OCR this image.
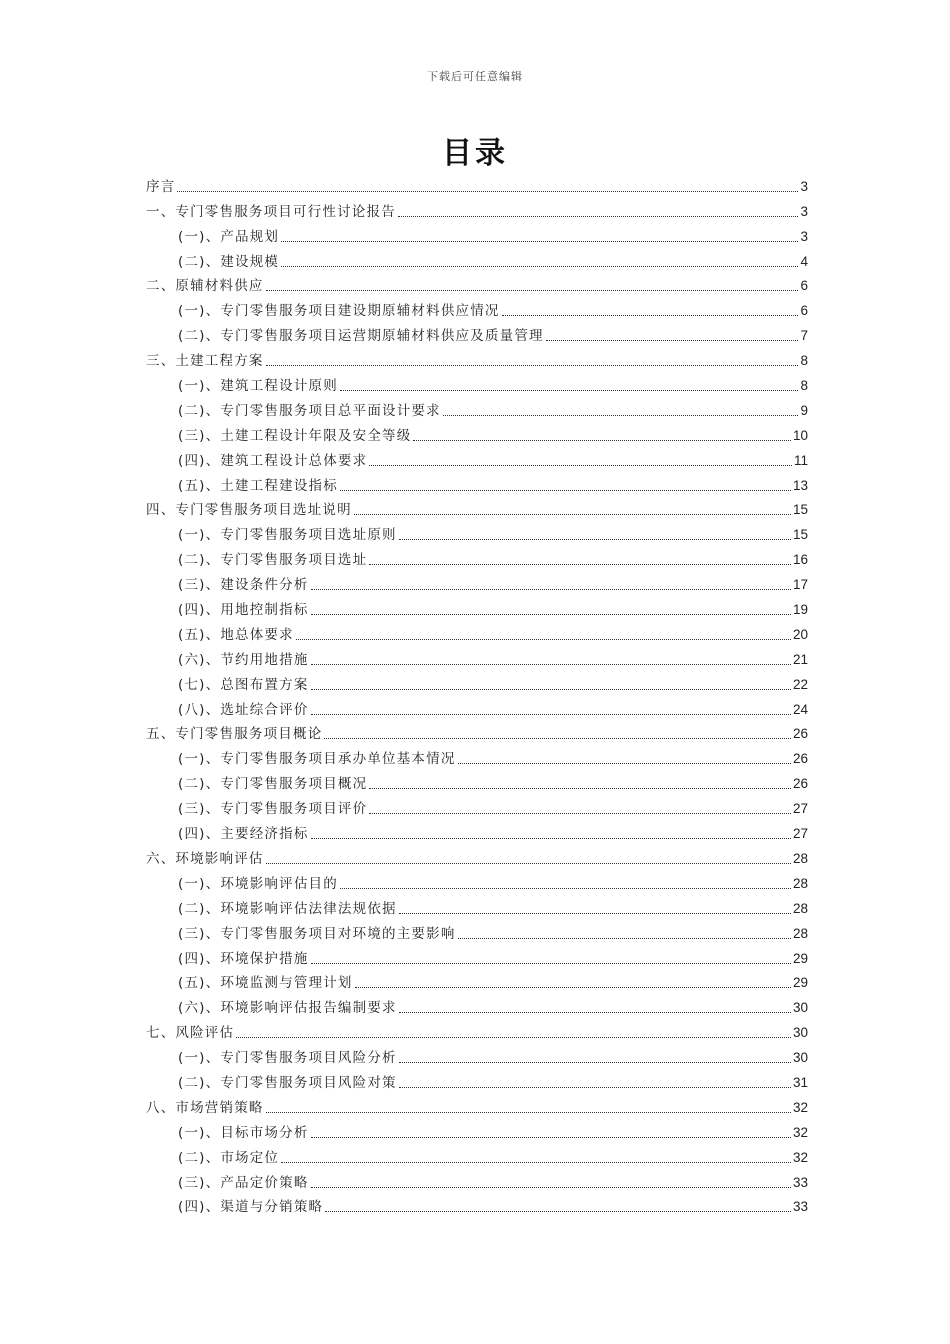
下载后可任意编辑
目录
序言	3
一、专门零售服务项目可行性讨论报告	3
(一)、产品规划	3
(二)、建设规模	4
二、原辅材料供应	6
(一)、专门零售服务项目建设期原辅材料供应情况	6
(二)、专门零售服务项目运营期原辅材料供应及质量管理	7
三、土建工程方案	8
(一)、建筑工程设计原则	8
(二)、专门零售服务项目总平面设计要求	9
(三)、土建工程设计年限及安全等级	10
(四)、建筑工程设计总体要求	11
(五)、土建工程建设指标	13
四、专门零售服务项目选址说明	15
(一)、专门零售服务项目选址原则	15
(二)、专门零售服务项目选址	16
(三)、建设条件分析	17
(四)、用地控制指标	19
(五)、地总体要求	20
(六)、节约用地措施	21
(七)、总图布置方案	22
(八)、选址综合评价	24
五、专门零售服务项目概论	26
(一)、专门零售服务项目承办单位基本情况	26
(二)、专门零售服务项目概况	26
(三)、专门零售服务项目评价	27
(四)、主要经济指标	27
六、环境影响评估	28
(一)、环境影响评估目的	28
(二)、环境影响评估法律法规依据	28
(三)、专门零售服务项目对环境的主要影响	28
(四)、环境保护措施	29
(五)、环境监测与管理计划	29
(六)、环境影响评估报告编制要求	30
七、风险评估	30
(一)、专门零售服务项目风险分析	30
(二)、专门零售服务项目风险对策	31
八、市场营销策略	32
(一)、目标市场分析	32
(二)、市场定位	32
(三)、产品定价策略	33
(四)、渠道与分销策略	33
